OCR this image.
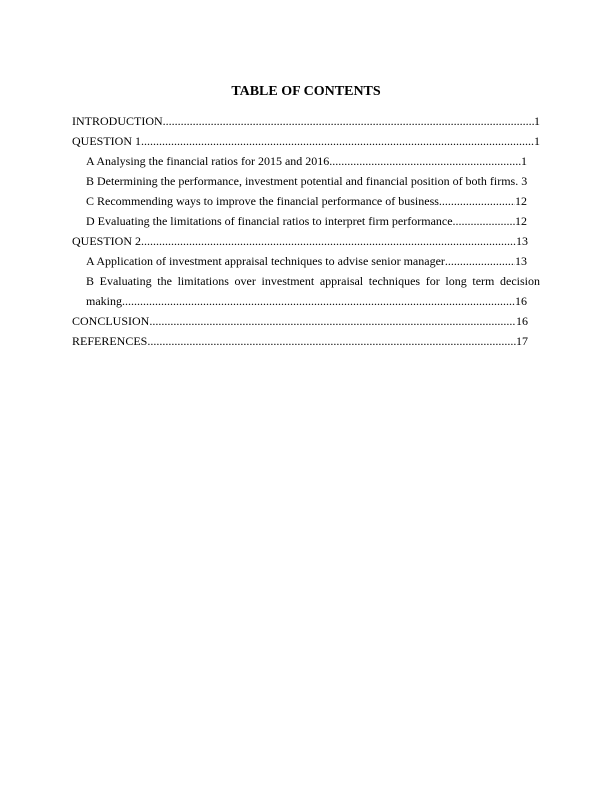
TABLE OF CONTENTS
INTRODUCTION .....	1
QUESTION 1 .....	1
A Analysing the financial ratios for 2015 and 2016 .....	1
B Determining the performance, investment potential and financial position of both firms. 3
C Recommending ways to improve the financial performance of business .....	12
D Evaluating the limitations of financial ratios to interpret firm performance .....	12
QUESTION 2 .....	13
A Application of investment appraisal techniques to advise senior manager .....	13
B Evaluating the limitations over investment appraisal techniques for long term decision
making .....	16
CONCLUSION .....	16
REFERENCES .....	17
